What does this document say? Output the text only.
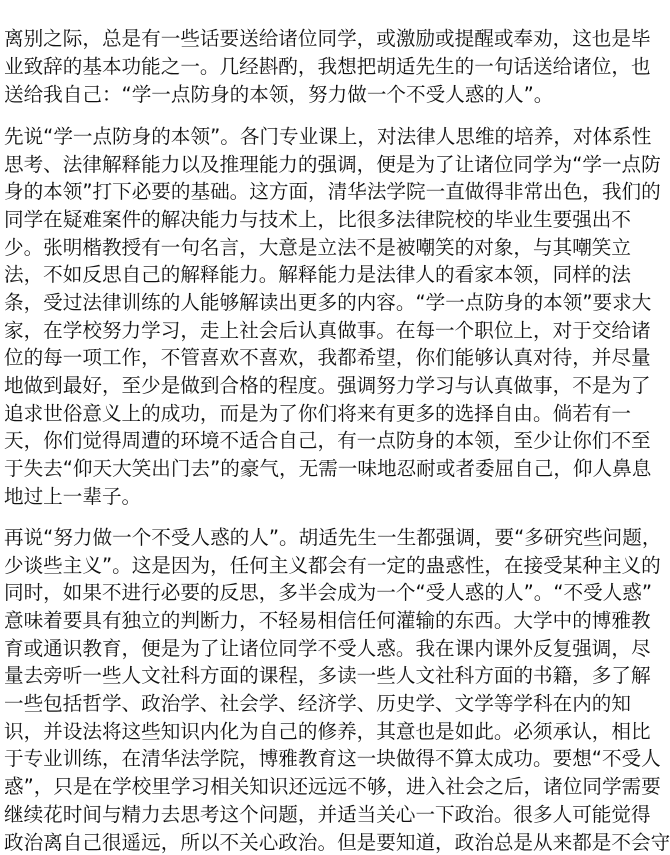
离别之际，总是有一些话要送给诸位同学，或激励或提醒或奉劝，这也是毕
业致辞的基本功能之一。几经斟酌，我想把胡适先生的一句话送给诸位，也
送给我自己：“学一点防身的本领，努力做一个不受人惑的人”。
先说“学一点防身的本领”。各门专业课上，对法律人思维的培养，对体系性
思考、法律解释能力以及推理能力的强调，便是为了让诸位同学为“学一点防
身的本领”打下必要的基础。这方面，清华法学院一直做得非常出色，我们的
同学在疑难案件的解决能力与技术上，比很多法律院校的毕业生要强出不
少。张明楷教授有一句名言，大意是立法不是被嘲笑的对象，与其嘲笑立
法，不如反思自己的解释能力。解释能力是法律人的看家本领，同样的法
条，受过法律训练的人能够解读出更多的内容。“学一点防身的本领”要求大
家，在学校努力学习，走上社会后认真做事。在每一个职位上，对于交给诸
位的每一项工作，不管喜欢不喜欢，我都希望，你们能够认真对待，并尽量
地做到最好，至少是做到合格的程度。强调努力学习与认真做事，不是为了
追求世俗意义上的成功，而是为了你们将来有更多的选择自由。倘若有一
天，你们觉得周遭的环境不适合自己，有一点防身的本领，至少让你们不至
于失去“仰天大笑出门去”的豪气，无需一味地忍耐或者委屈自己，仰人鼻息
地过上一辈子。
再说“努力做一个不受人惑的人”。胡适先生一生都强调，要“多研究些问题，
少谈些主义”。这是因为，任何主义都会有一定的蛊惑性，在接受某种主义的
同时，如果不进行必要的反思，多半会成为一个“受人惑的人”。“不受人惑”
意味着要具有独立的判断力，不轻易相信任何灌输的东西。大学中的博雅教
育或通识教育，便是为了让诸位同学不受人惑。我在课内课外反复强调，尽
量去旁听一些人文社科方面的课程，多读一些人文社科方面的书籍，多了解
一些包括哲学、政治学、社会学、经济学、历史学、文学等学科在内的知
识，并设法将这些知识内化为自己的修养，其意也是如此。必须承认，相比
于专业训练，在清华法学院，博雅教育这一块做得不算太成功。要想“不受人
惑”，只是在学校里学习相关知识还远远不够，进入社会之后，诸位同学需要
继续花时间与精力去思考这个问题，并适当关心一下政治。很多人可能觉得
政治离自己很遥远，所以不关心政治。但是要知道，政治总是从来都是不会守
